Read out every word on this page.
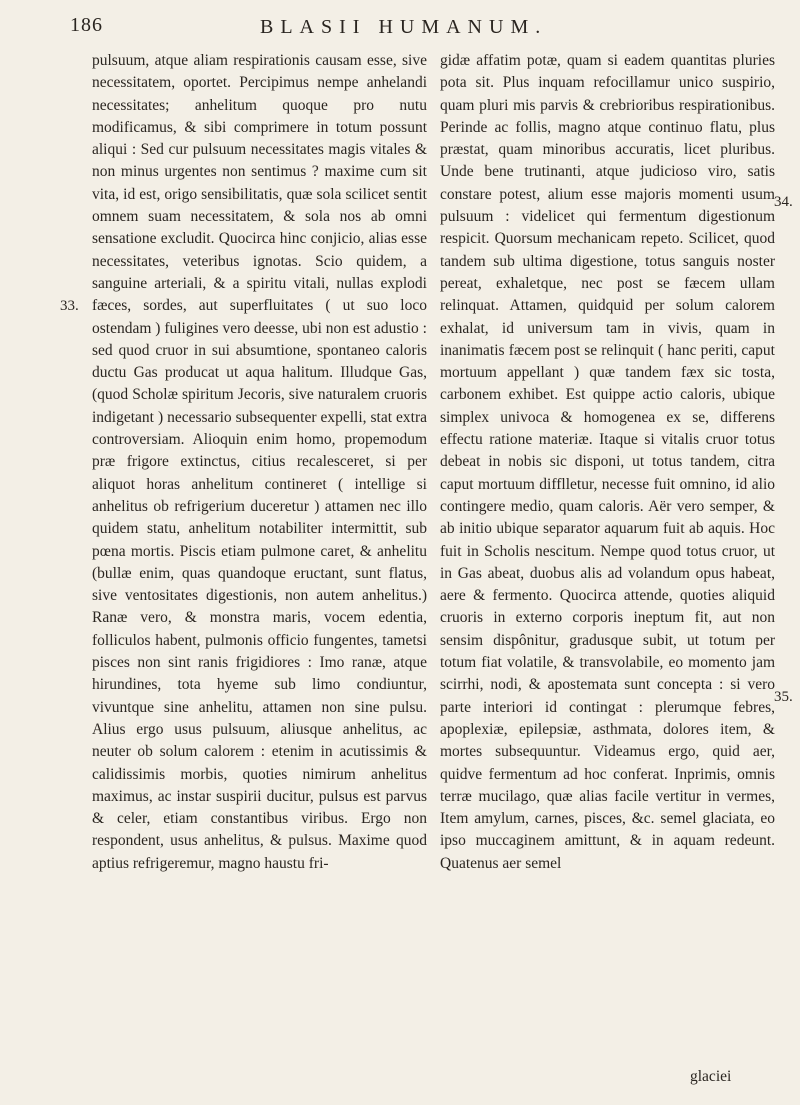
186	BLASII HUMANUM.
33.
34.
35.

pulsuum, atque aliam respirationis causam esse, sive necessitatem, oportet. Percipimus nempe anhelandi necessitates; anhelitum quoque pro nutu modificamus, & sibi comprimere in totum possunt aliqui : Sed cur pulsuum necessitates magis vitales & non minus urgentes non sentimus ? maxime cum sit vita, id est, origo sensibilitatis, quæ sola scilicet sentit omnem suam necessitatem, & sola nos ab omni sensatione excludit. Quocirca hinc conjicio, alias esse necessitates, veteribus ignotas. Scio quidem, a sanguine arteriali, & a spiritu vitali, nullas explodi fæces, sordes, aut superfluitates ( ut suo loco ostendam ) fuligines vero deesse, ubi non est adustio : sed quod cruor in sui absumtione, spontaneo caloris ductu Gas producat ut aqua halitum. Illudque Gas, (quod Scholæ spiritum Jecoris, sive naturalem cruoris indigetant ) necessario subsequenter expelli, stat extra controversiam. Alioquin enim homo, propemodum præ frigore extinctus, citius recalesceret, si per aliquot horas anhelitum contineret ( intellige si anhelitus ob refrigerium duceretur ) attamen nec illo quidem statu, anhelitum notabiliter intermittit, sub pœna mortis. Piscis etiam pulmone caret, & anhelitu (bullæ enim, quas quandoque eructant, sunt flatus, sive ventositates digestionis, non autem anhelitus.) Ranæ vero, & monstra maris, vocem edentia, folliculos habent, pulmonis officio fungentes, tametsi pisces non sint ranis frigidiores : Imo ranæ, atque hirundines, tota hyeme sub limo condiuntur, vivuntque sine anhelitu, attamen non sine pulsu. Alius ergo usus pulsuum, aliusque anhelitus, ac neuter ob solum calorem : etenim in acutissimis & calidissimis morbis, quoties nimirum anhelitus maximus, ac instar suspirii ducitur, pulsus est parvus & celer, etiam constantibus viribus. Ergo non respondent, usus anhelitus, & pulsus. Maxime quod aptius refrigeremur, magno haustu fri-

gidæ affatim potæ, quam si eadem quantitas pluries pota sit. Plus inquam refocillamur unico suspirio, quam pluri mis parvis & crebrioribus respirationibus. Perinde ac follis, magno atque continuo flatu, plus præstat, quam minoribus accuratis, licet pluribus. Unde bene trutinanti, atque judicioso viro, satis constare potest, alium esse majoris momenti usum pulsuum : videlicet qui fermentum digestionum respicit. Quorsum mechanicam repeto. Scilicet, quod tandem sub ultima digestione, totus sanguis noster pereat, exhaletque, nec post se fæcem ullam relinquat. Attamen, quidquid per solum calorem exhalat, id universum tam in vivis, quam in inanimatis fæcem post se relinquit ( hanc periti, caput mortuum appellant ) quæ tandem fæx sic tosta, carbonem exhibet. Est quippe actio caloris, ubique simplex univoca & homogenea ex se, differens effectu ratione materiæ. Itaque si vitalis cruor totus debeat in nobis sic disponi, ut totus tandem, citra caput mortuum difflletur, necesse fuit omnino, id alio contingere medio, quam caloris. Aër vero semper, & ab initio ubique separator aquarum fuit ab aquis. Hoc fuit in Scholis nescitum. Nempe quod totus cruor, ut in Gas abeat, duobus alis ad volandum opus habeat, aere & fermento. Quocirca attende, quoties aliquid cruoris in externo corporis ineptum fit, aut non sensim dispônitur, gradusque subit, ut totum per totum fiat volatile, & transvolabile, eo momento jam scirrhi, nodi, & apostemata sunt concepta : si vero parte interiori id contingat : plerumque febres, apoplexiæ, epilepsiæ, asthmata, dolores item, & mortes subsequuntur. Videamus ergo, quid aer, quidve fermentum ad hoc conferat. Inprimis, omnis terræ mucilago, quæ alias facile vertitur in vermes, Item amylum, carnes, pisces, &c. semel glaciata, eo ipso muccaginem amittunt, & in aquam redeunt. Quatenus aer semel

glaciei
